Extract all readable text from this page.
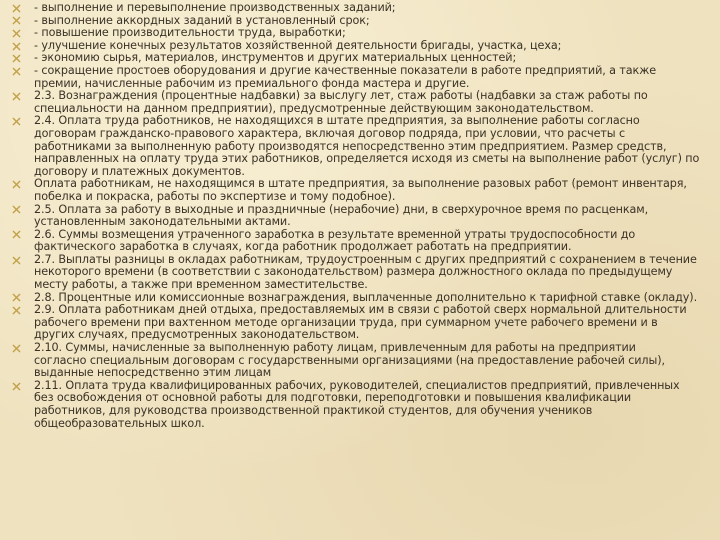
- выполнение и перевыполнение производственных заданий;
- выполнение аккордных заданий в установленный срок;
- повышение производительности труда, выработки;
- улучшение конечных результатов хозяйственной деятельности бригады, участка, цеха;
- экономию сырья, материалов, инструментов и других материальных ценностей;
- сокращение простоев оборудования и другие качественные показатели в работе предприятий, а также
премии, начисленные рабочим из премиального фонда мастера и другие.
2.3. Вознаграждения (процентные надбавки) за выслугу лет, стаж работы (надбавки за стаж работы по
специальности на данном предприятии), предусмотренные действующим законодательством.
2.4. Оплата труда работников, не находящихся в штате предприятия, за выполнение работы согласно
договорам гражданско-правового характера, включая договор подряда, при условии, что расчеты с
работниками за выполненную работу производятся непосредственно этим предприятием. Размер средств,
направленных на оплату труда этих работников, определяется исходя из сметы на выполнение работ (услуг) по
договору и платежных документов.
Оплата работникам, не находящимся в штате предприятия, за выполнение разовых работ (ремонт инвентаря,
побелка и покраска, работы по экспертизе и тому подобное).
2.5. Оплата за работу в выходные и праздничные (нерабочие) дни, в сверхурочное время по расценкам,
установленным законодательными актами.
2.6. Суммы возмещения утраченного заработка в результате временной утраты трудоспособности до
фактического заработка в случаях, когда работник продолжает работать на предприятии.
2.7. Выплаты разницы в окладах работникам, трудоустроенным с других предприятий с сохранением в течение
некоторого времени (в соответствии с законодательством) размера должностного оклада по предыдущему
месту работы, а также при временном заместительстве.
2.8. Процентные или комиссионные вознаграждения, выплаченные дополнительно к тарифной ставке (окладу).
2.9. Оплата работникам дней отдыха, предоставляемых им в связи с работой сверх нормальной длительности
рабочего времени при вахтенном методе организации труда, при суммарном учете рабочего времени и в
других случаях, предусмотренных законодательством.
2.10. Суммы, начисленные за выполненную работу лицам, привлеченным для работы на предприятии
согласно специальным договорам с государственными организациями (на предоставление рабочей силы),
выданные непосредственно этим лицам
2.11. Оплата труда квалифицированных рабочих, руководителей, специалистов предприятий, привлеченных
без освобождения от основной работы для подготовки, переподготовки и повышения квалификации
работников, для руководства производственной практикой студентов, для обучения учеников
общеобразовательных школ.
